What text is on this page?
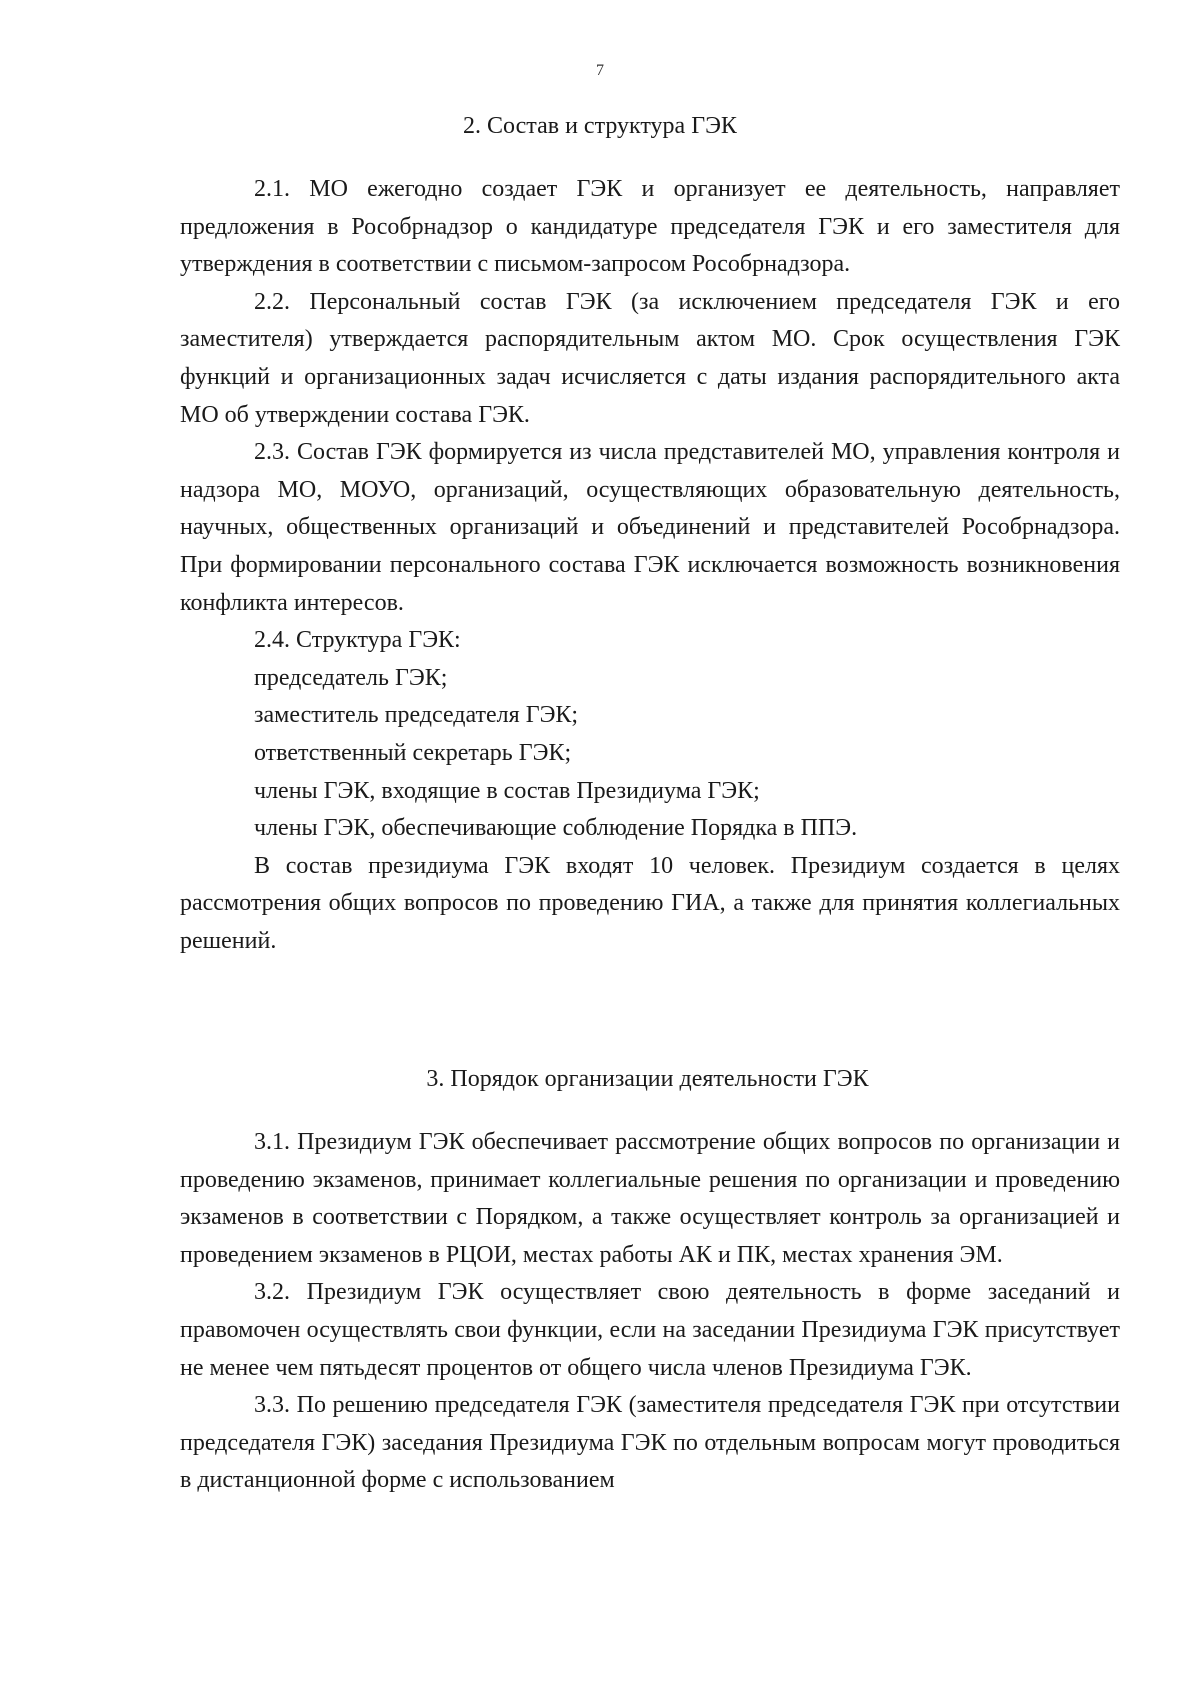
7
2. Состав и структура ГЭК

2.1. МО ежегодно создает ГЭК и организует ее деятельность, направляет предложения в Рособрнадзор о кандидатуре председателя ГЭК и его заместителя для утверждения в соответствии с письмом-запросом Рособрнадзора.

2.2. Персональный состав ГЭК (за исключением председателя ГЭК и его заместителя) утверждается распорядительным актом МО. Срок осуществления ГЭК функций и организационных задач исчисляется с даты издания распорядительного акта МО об утверждении состава ГЭК.

2.3. Состав ГЭК формируется из числа представителей МО, управления контроля и надзора МО, МОУО, организаций, осуществляющих образовательную деятельность, научных, общественных организаций и объединений и представителей Рособрнадзора. При формировании персонального состава ГЭК исключается возможность возникновения конфликта интересов.

2.4. Структура ГЭК:

председатель ГЭК;

заместитель председателя ГЭК;

ответственный секретарь ГЭК;

члены ГЭК, входящие в состав Президиума ГЭК;

члены ГЭК, обеспечивающие соблюдение Порядка в ППЭ.

В состав президиума ГЭК входят 10 человек. Президиум создается в целях рассмотрения общих вопросов по проведению ГИА, а также для принятия коллегиальных решений.

3. Порядок организации деятельности ГЭК

3.1. Президиум ГЭК обеспечивает рассмотрение общих вопросов по организации и проведению экзаменов, принимает коллегиальные решения по организации и проведению экзаменов в соответствии с Порядком, а также осуществляет контроль за организацией и проведением экзаменов в РЦОИ, местах работы АК и ПК, местах хранения ЭМ.

3.2. Президиум ГЭК осуществляет свою деятельность в форме заседаний и правомочен осуществлять свои функции, если на заседании Президиума ГЭК присутствует не менее чем пятьдесят процентов от общего числа членов Президиума ГЭК.

3.3. По решению председателя ГЭК (заместителя председателя ГЭК при отсутствии председателя ГЭК) заседания Президиума ГЭК по отдельным вопросам могут проводиться в дистанционной форме с использованием
